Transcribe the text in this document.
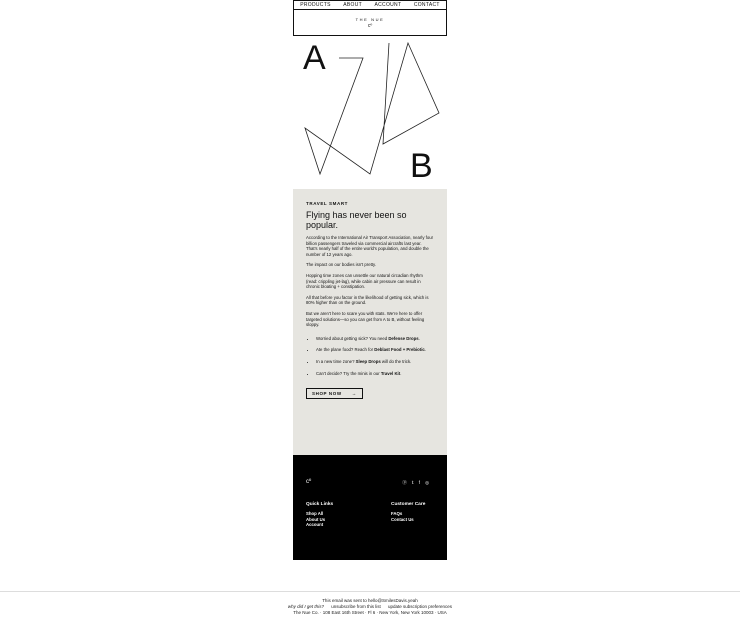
PRODUCTS	ABOUT	ACCOUNT	CONTACT
THE NUE
cº
A
B
TRAVEL SMART
Flying has never been so popular.

According to the International Air Transport Association, nearly four billion passengers traveled via commercial aircrafts last year. That's nearly half of the entire world's population, and double the number of 12 years ago.

The impact on our bodies isn't pretty.

Hopping time zones can unsettle our natural circadian rhythm (read: crippling jet-lag), while cabin air pressure can result in chronic bloating + constipation.

All that before you factor in the likelihood of getting sick, which is 80% higher than on the ground.

But we aren't here to scare you with stats. We're here to offer targeted solutions—so you can get from A to B, without feeling sloppy.

• Worried about getting sick? You need Defense Drops.
• Ate the plane food? Reach for Deblast Food + Prebiotic.
• In a new time zone? Sleep Drops will do the trick.
• Can't decide? Try the minis in our Travel Kit.
SHOP NOW →
cº	ⓟ 𝕥 f ◎
Quick Links
Shop All
About Us
Account
Customer Care
FAQs
Contact Us
This email was sent to hello@SmilesDavis.yeah
why did I get this? unsubscribe from this list update subscription preferences
The Nue Co. · 108 East 16th Street · Fl 6 · New York, New York 10003 · USA
